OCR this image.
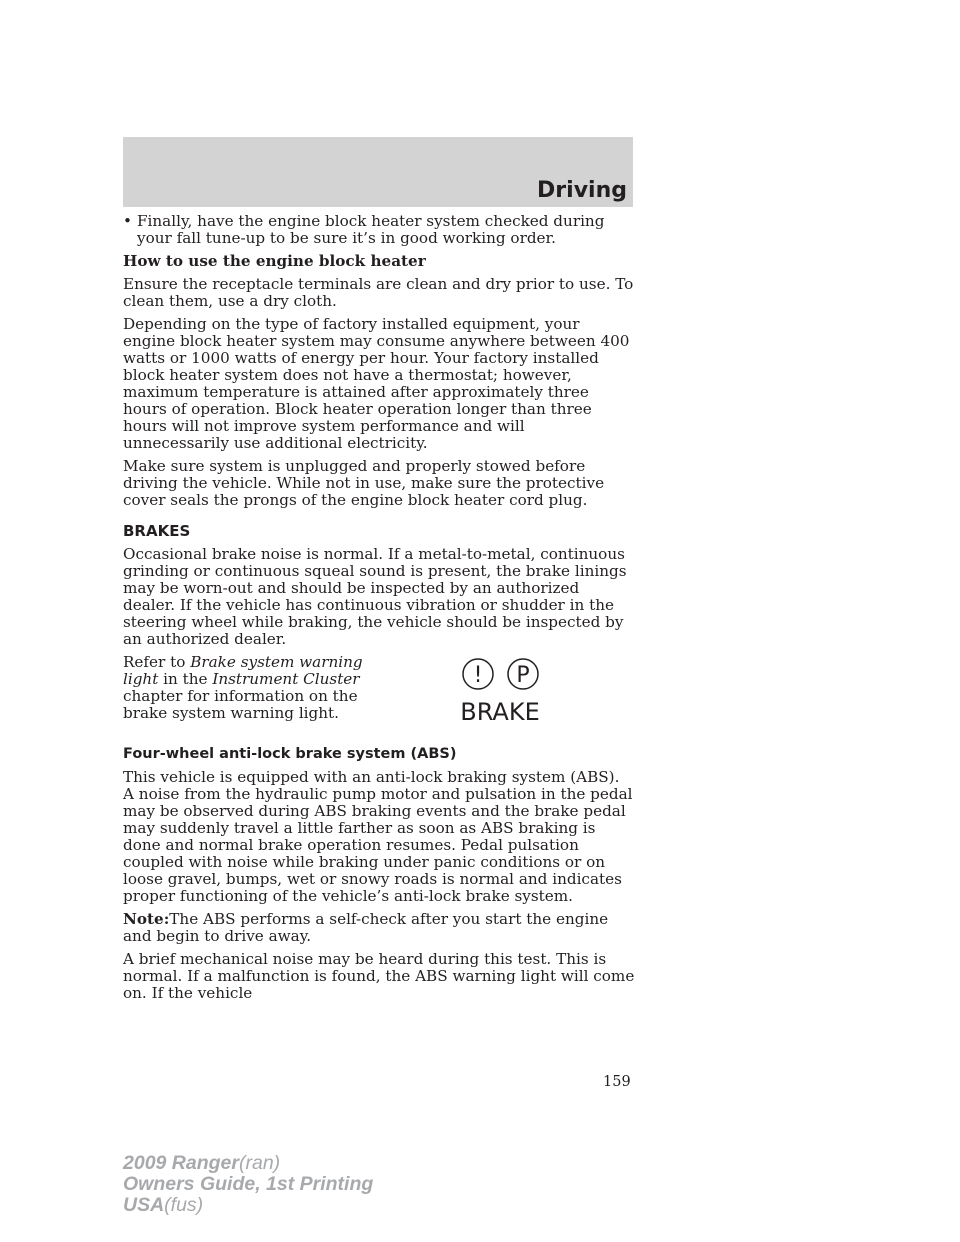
Driving
• Finally, have the engine block heater system checked during your fall tune-up to be sure it’s in good working order.

How to use the engine block heater

Ensure the receptacle terminals are clean and dry prior to use. To clean them, use a dry cloth.

Depending on the type of factory installed equipment, your engine block heater system may consume anywhere between 400 watts or 1000 watts of energy per hour. Your factory installed block heater system does not have a thermostat; however, maximum temperature is attained after approximately three hours of operation. Block heater operation longer than three hours will not improve system performance and will unnecessarily use additional electricity.

Make sure system is unplugged and properly stowed before driving the vehicle. While not in use, make sure the protective cover seals the prongs of the engine block heater cord plug.

BRAKES

Occasional brake noise is normal. If a metal-to-metal, continuous grinding or continuous squeal sound is present, the brake linings may be worn-out and should be inspected by an authorized dealer. If the vehicle has continuous vibration or shudder in the steering wheel while braking, the vehicle should be inspected by an authorized dealer.

Refer to Brake system warning light in the Instrument Cluster chapter for information on the brake system warning light.

! P
BRAKE
Four-wheel anti-lock brake system (ABS)

This vehicle is equipped with an anti-lock braking system (ABS). A noise from the hydraulic pump motor and pulsation in the pedal may be observed during ABS braking events and the brake pedal may suddenly travel a little farther as soon as ABS braking is done and normal brake operation resumes. Pedal pulsation coupled with noise while braking under panic conditions or on loose gravel, bumps, wet or snowy roads is normal and indicates proper functioning of the vehicle’s anti-lock brake system.

Note:The ABS performs a self-check after you start the engine and begin to drive away.

A brief mechanical noise may be heard during this test. This is normal. If a malfunction is found, the ABS warning light will come on. If the vehicle

159
2009 Ranger(ran)
Owners Guide, 1st Printing
USA(fus)
